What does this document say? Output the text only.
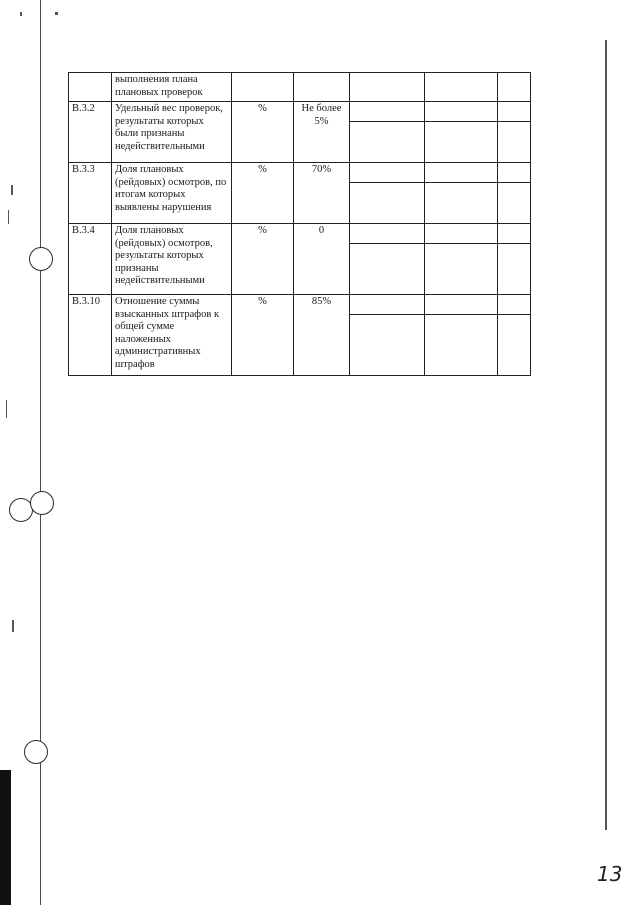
	выполнения плана плановых проверок					
В.3.2	Удельный вес проверок, результаты которых были признаны недействительными	%	Не более 5%	

В.3.3	Доля плановых (рейдовых) осмотров, по итогам которых выявлены нарушения	%	70%	

В.3.4	Доля плановых (рейдовых) осмотров, результаты которых признаны недействительными	%	0	

В.3.10	Отношение суммы взысканных штрафов к общей сумме наложенных административных штрафов	%	85%	

13
